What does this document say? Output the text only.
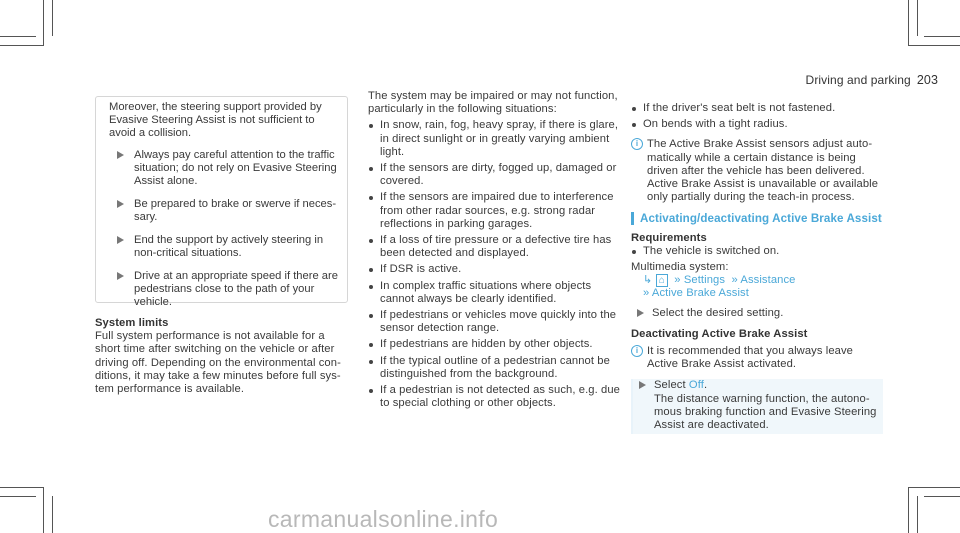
Driving and parking 203

Moreover, the steering support provided by Evasive Steering Assist is not sufficient to avoid a collision.

Always pay careful attention to the traffic situation; do not rely on Evasive Steering Assist alone.
Be prepared to brake or swerve if neces- sary.
End the support by actively steering in non-critical situations.
Drive at an appropriate speed if there are pedestrians close to the path of your vehicle.
System limits

Full system performance is not available for a short time after switching on the vehicle or after driving off. Depending on the environmental con- ditions, it may take a few minutes before full sys- tem performance is available.

The system may be impaired or may not function, particularly in the following situations:

In snow, rain, fog, heavy spray, if there is glare, in direct sunlight or in greatly varying ambient light.
If the sensors are dirty, fogged up, damaged or covered.
If the sensors are impaired due to interference from other radar sources, e.g. strong radar reflections in parking garages.
If a loss of tire pressure or a defective tire has been detected and displayed.
If DSR is active.
In complex traffic situations where objects cannot always be clearly identified.
If pedestrians or vehicles move quickly into the sensor detection range.
If pedestrians are hidden by other objects.
If the typical outline of a pedestrian cannot be distinguished from the background.
If a pedestrian is not detected as such, e.g. due to special clothing or other objects.
If the driver's seat belt is not fastened.
On bends with a tight radius.
i The Active Brake Assist sensors adjust auto- matically while a certain distance is being driven after the vehicle has been delivered. Active Brake Assist is unavailable or available only partially during the teach-in process.
Activating/deactivating Active Brake Assist
Requirements
The vehicle is switched on.

Multimedia system:

↳ ⌂  » Settings  » Assistance
» Active Brake Assist
Select the desired setting.
Deactivating Active Brake Assist
i It is recommended that you always leave Active Brake Assist activated.
Select Off.
The distance warning function, the autono- mous braking function and Evasive Steering Assist are deactivated.
carmanualsonline.info
